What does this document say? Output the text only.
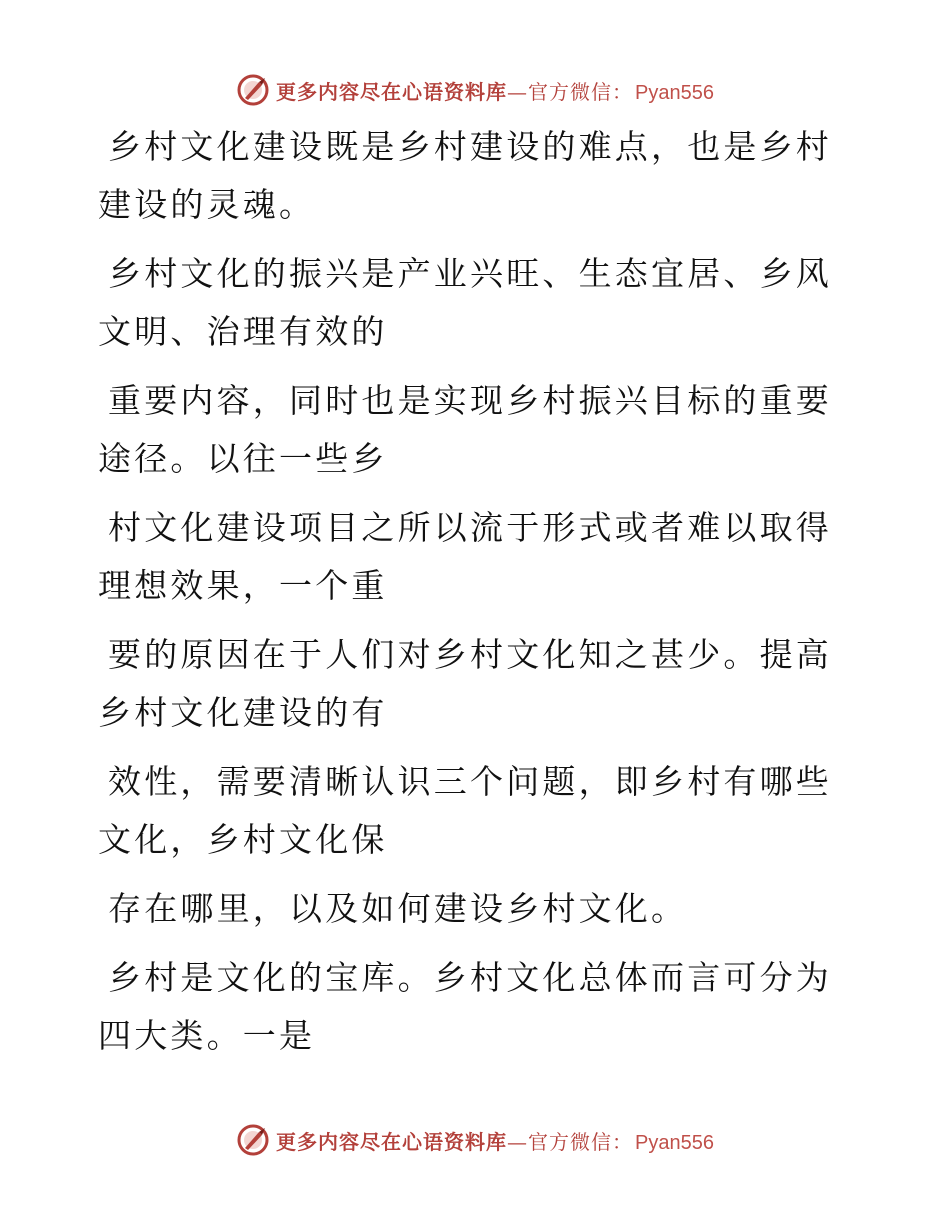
更多内容尽在心语资料库 — 官方微信： Pyan556

乡村文化建设既是乡村建设的难点，也是乡村建设的灵魂。

乡村文化的振兴是产业兴旺、生态宜居、乡风文明、治理有效的

重要内容，同时也是实现乡村振兴目标的重要途径。以往一些乡

村文化建设项目之所以流于形式或者难以取得理想效果，一个重

要的原因在于人们对乡村文化知之甚少。提高乡村文化建设的有

效性，需要清晰认识三个问题，即乡村有哪些文化，乡村文化保

存在哪里，以及如何建设乡村文化。

乡村是文化的宝库。乡村文化总体而言可分为四大类。一是

更多内容尽在心语资料库 — 官方微信： Pyan556
